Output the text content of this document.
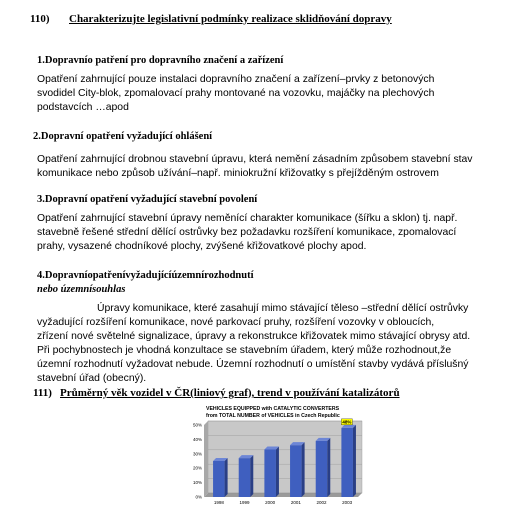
110) Charakterizujte legislativní podmínky realizace sklidňování dopravy
1.Dopravnío patření pro dopravního značení a zařízení
Opatření zahrnující pouze instalaci dopravního značení a zařízení–prvky z betonových
svodidel City-blok, zpomalovací prahy montované na vozovku, majáčky na plechových
podstavcích …apod
2.Dopravní opatření vyžadující ohlášení
Opatření zahrnující drobnou stavební úpravu, která nemění zásadním způsobem stavební stav
komunikace nebo způsob užívání–např. miniokružní křižovatky s přejížděným ostrovem
3.Dopravní opatření vyžadující stavební povolení
Opatření zahrnující stavební úpravy neměnící charakter komunikace (šířku a sklon) tj. např.
stavebně řešené střední dělící ostrůvky bez požadavku rozšíření komunikace, zpomalovací
prahy, vysazené chodníkové plochy, zvýšené křižovatkové plochy apod.
4.Dopravníopatřenívyžadujícíúzemnírozhodnutí
nebo územnísouhlas
Úpravy komunikace, které zasahují mimo stávající těleso –střední dělící ostrůvky
vyžadující rozšíření komunikace, nové parkovací pruhy, rozšíření vozovky v obloucích,
zřízení nové světelné signalizace, úpravy a rekonstrukce křižovatek mimo stávající obrysy atd.
Při pochybnostech je vhodná konzultace se stavebním úřadem, který může rozhodnout,že
územní rozhodnutí vyžadovat nebude. Územní rozhodnutí o umístění stavby vydává příslušný
stavební úřad (obecný).
111) Průměrný věk vozidel v ČR(liniový graf), trend v používání katalizátorů
VEHICLES EQUIPPED with CATALYTIC CONVERTERS
from TOTAL NUMBER of VEHICLES in Czech Republic
0%
10%
20%
30%
40%
50%
1998	1999	2000	2001	2002	2003
48%
